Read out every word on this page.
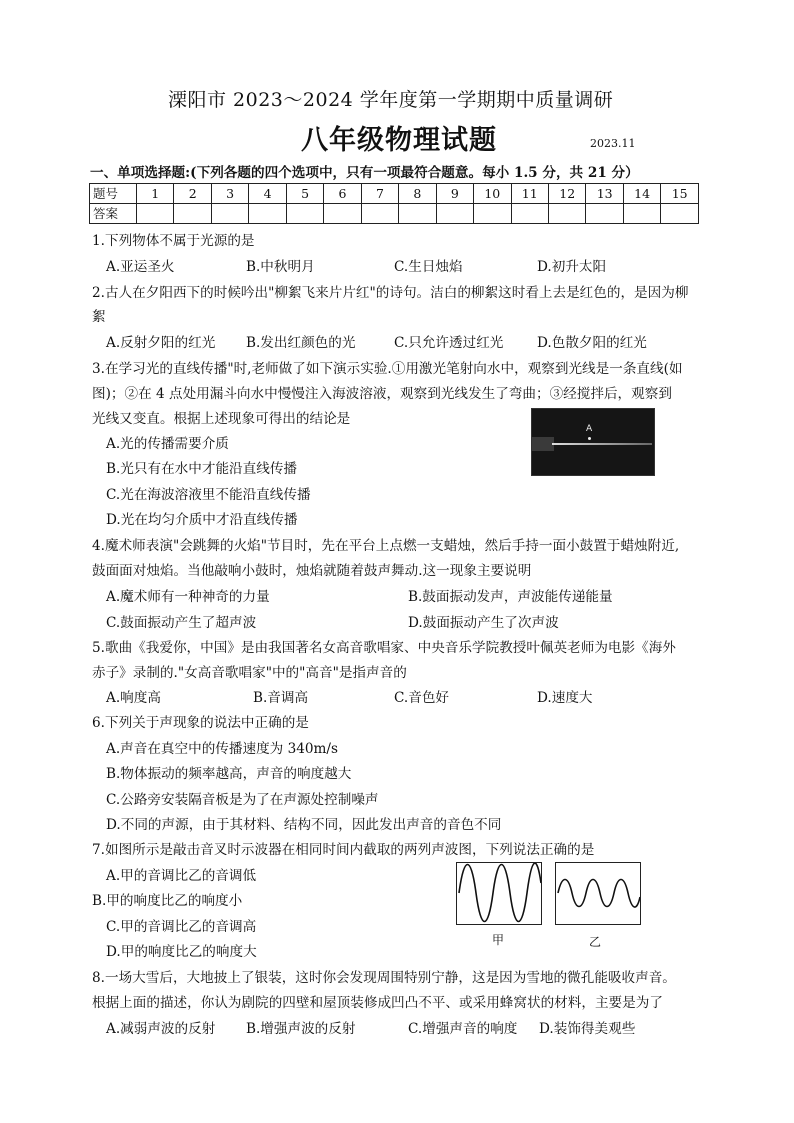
溧阳市 2023～2024 学年度第一学期期中质量调研
八年级物理试题	2023.11
一、单项选择题:(下列各题的四个选项中，只有一项最符合题意。每小 1.5 分，共 21 分）
题号	1	2	3	4	5	6	7	8	9	10	11	12	13	14	15
答案															
1.下列物体不属于光源的是
A.亚运圣火	B.中秋明月	C.生日烛焰	D.初升太阳
2.古人在夕阳西下的时候吟出"柳絮飞来片片红"的诗句。洁白的柳絮这时看上去是红色的，是因为柳
絮
A.反射夕阳的红光 B.发出红颜色的光	C.只允许透过红光 D.色散夕阳的红光
3.在学习光的直线传播"时,老师做了如下演示实验.①用激光笔射向水中，观察到光线是一条直线(如
图)；②在 4 点处用漏斗向水中慢慢注入海波溶液，观察到光线发生了弯曲；③经搅拌后，观察到
光线又变直。根据上述现象可得出的结论是
A.光的传播需要介质
B.光只有在水中才能沿直线传播
C.光在海波溶液里不能沿直线传播
D.光在均匀介质中才沿直线传播
A
4.魔术师表演"会跳舞的火焰"节目时，先在平台上点燃一支蜡烛，然后手持一面小鼓置于蜡烛附近,
鼓面面对烛焰。当他敲响小鼓时，烛焰就随着鼓声舞动.这一现象主要说明
A.魔术师有一种神奇的力量	B.鼓面振动发声，声波能传递能量
C.鼓面振动产生了超声波	D.鼓面振动产生了次声波
5.歌曲《我爱你，中国》是由我国著名女高音歌唱家、中央音乐学院教授叶佩英老师为电影《海外
赤子》录制的."女高音歌唱家"中的"高音"是指声音的
A.响度高	B.音调高	C.音色好	D.速度大
6.下列关于声现象的说法中正确的是
A.声音在真空中的传播速度为 340m/s
B.物体振动的频率越高，声音的响度越大
C.公路旁安装隔音板是为了在声源处控制噪声
D.不同的声源，由于其材料、结构不同，因此发出声音的音色不同
7.如图所示是敲击音叉时示波器在相同时间内截取的两列声波图，下列说法正确的是
A.甲的音调比乙的音调低
B.甲的响度比乙的响度小
C.甲的音调比乙的音调高
D.甲的响度比乙的响度大
甲	乙
8.一场大雪后，大地披上了银装，这时你会发现周围特别宁静，这是因为雪地的微孔能吸收声音。
根据上面的描述，你认为剧院的四壁和屋顶装修成凹凸不平、或采用蜂窝状的材料，主要是为了
A.减弱声波的反射 B.增强声波的反射	C.增强声音的响度 D.装饰得美观些
